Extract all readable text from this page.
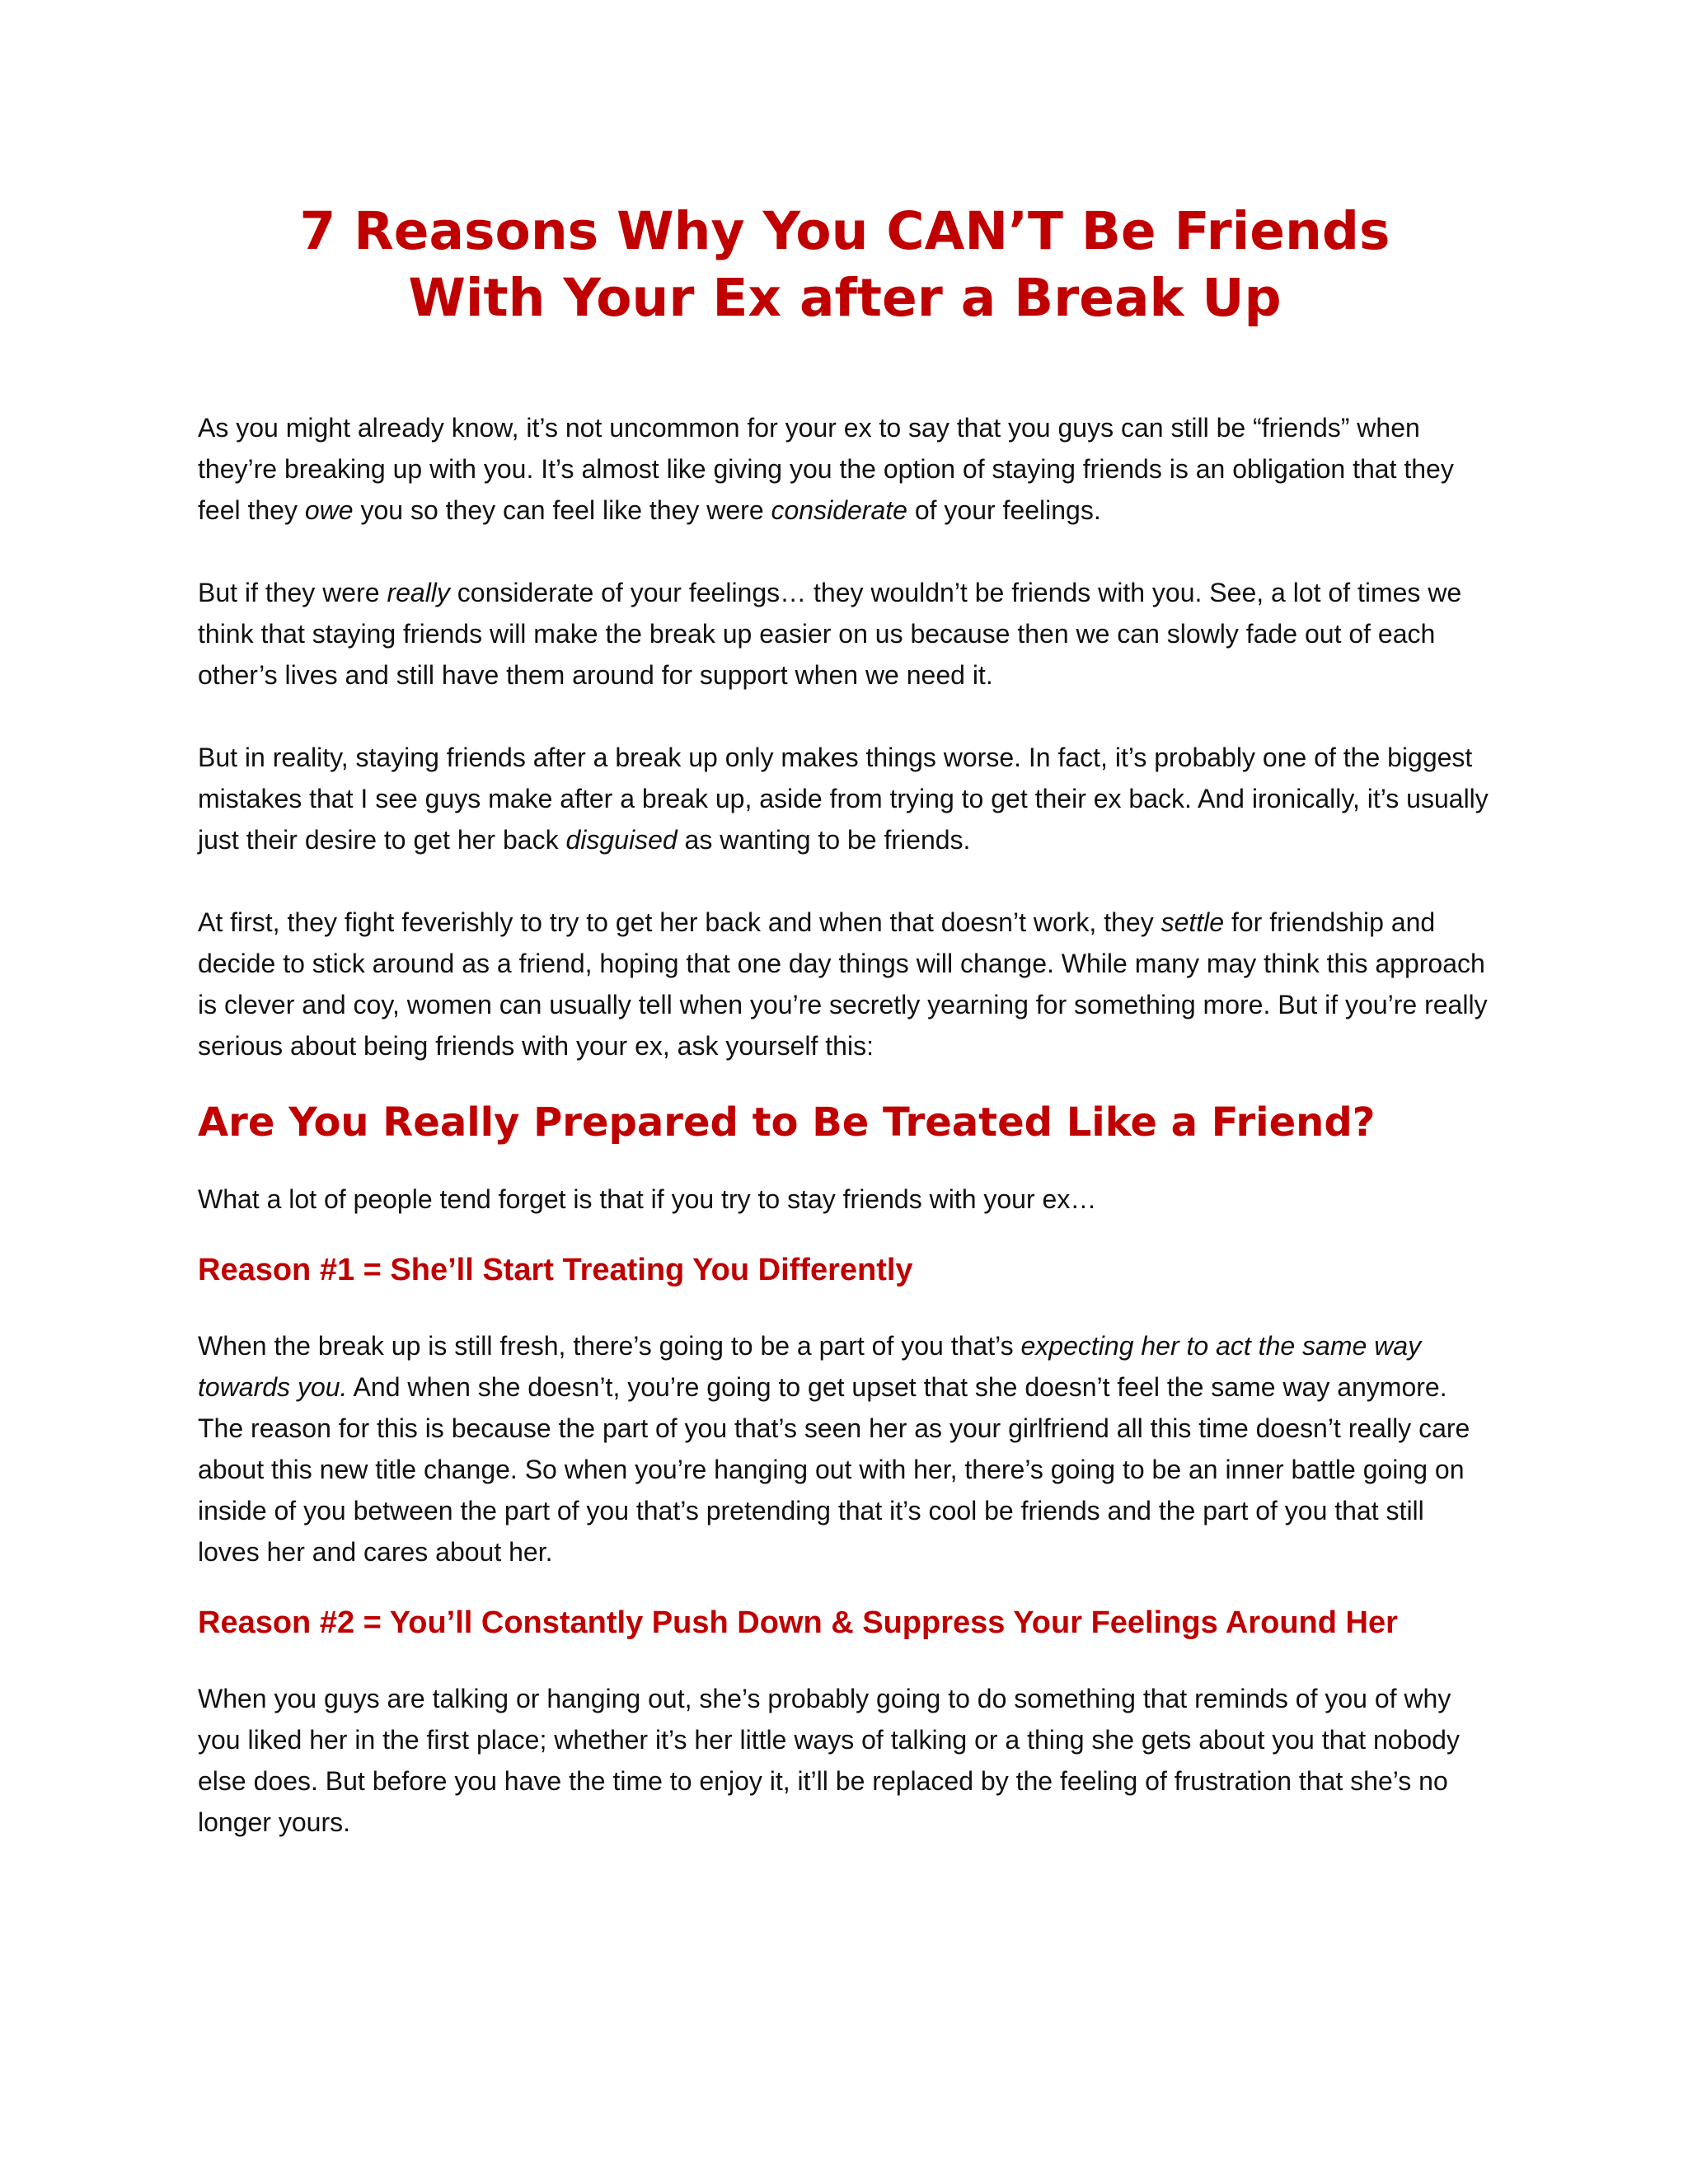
7 Reasons Why You CAN’T Be Friends
With Your Ex after a Break Up

As you might already know, it’s not uncommon for your ex to say that you guys can still be “friends” when they’re breaking up with you. It’s almost like giving you the option of staying friends is an obligation that they feel they owe you so they can feel like they were considerate of your feelings.

But if they were really considerate of your feelings… they wouldn’t be friends with you. See, a lot of times we think that staying friends will make the break up easier on us because then we can slowly fade out of each other’s lives and still have them around for support when we need it.

But in reality, staying friends after a break up only makes things worse. In fact, it’s probably one of the biggest mistakes that I see guys make after a break up, aside from trying to get their ex back. And ironically, it’s usually just their desire to get her back disguised as wanting to be friends.

At first, they fight feverishly to try to get her back and when that doesn’t work, they settle for friendship and decide to stick around as a friend, hoping that one day things will change. While many may think this approach is clever and coy, women can usually tell when you’re secretly yearning for something more. But if you’re really serious about being friends with your ex, ask yourself this:

Are You Really Prepared to Be Treated Like a Friend?

What a lot of people tend forget is that if you try to stay friends with your ex…

Reason #1 = She’ll Start Treating You Differently

When the break up is still fresh, there’s going to be a part of you that’s expecting her to act the same way towards you. And when she doesn’t, you’re going to get upset that she doesn’t feel the same way anymore. The reason for this is because the part of you that’s seen her as your girlfriend all this time doesn’t really care about this new title change. So when you’re hanging out with her, there’s going to be an inner battle going on inside of you between the part of you that’s pretending that it’s cool be friends and the part of you that still loves her and cares about her.

Reason #2 = You’ll Constantly Push Down & Suppress Your Feelings Around Her

When you guys are talking or hanging out, she’s probably going to do something that reminds of you of why you liked her in the first place; whether it’s her little ways of talking or a thing she gets about you that nobody else does. But before you have the time to enjoy it, it’ll be replaced by the feeling of frustration that she’s no longer yours.
